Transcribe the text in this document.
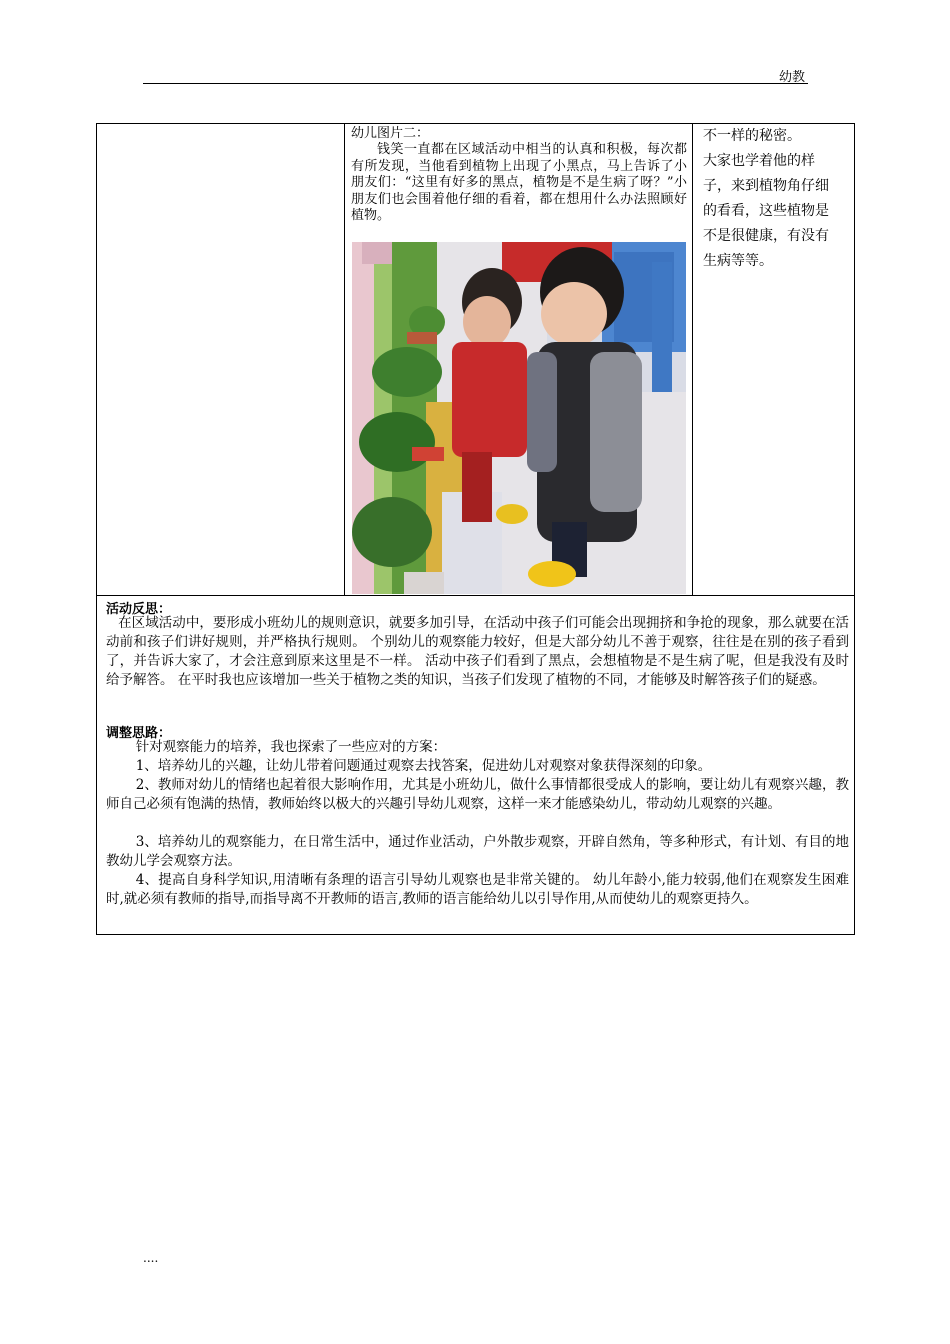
幼教
幼儿图片二：

钱笑一直都在区域活动中相当的认真和积极，每次都有所发现，当他看到植物上出现了小黑点，马上告诉了小朋友们：“这里有好多的黑点，植物是不是生病了呀？”小朋友们也会围着他仔细的看着，都在想用什么办法照顾好植物。

不一样的秘密。
大家也学着他的样
子，来到植物角仔细
的看看，这些植物是
不是很健康，有没有
生病等等。

活动反思：

在区域活动中，要形成小班幼儿的规则意识，就要多加引导，在活动中孩子们可能会出现拥挤和争抢的现象，那么就要在活动前和孩子们讲好规则，并严格执行规则。 个别幼儿的观察能力较好，但是大部分幼儿不善于观察，往往是在别的孩子看到了，并告诉大家了，才会注意到原来这里是不一样。 活动中孩子们看到了黑点，会想植物是不是生病了呢，但是我没有及时给予解答。 在平时我也应该增加一些关于植物之类的知识，当孩子们发现了植物的不同，才能够及时解答孩子们的疑惑。

调整思路：

针对观察能力的培养，我也探索了一些应对的方案：

1、培养幼儿的兴趣，让幼儿带着问题通过观察去找答案，促进幼儿对观察对象获得深刻的印象。

2、教师对幼儿的情绪也起着很大影响作用，尤其是小班幼儿，做什么事情都很受成人的影响，要让幼儿有观察兴趣，教师自己必须有饱满的热情，教师始终以极大的兴趣引导幼儿观察，这样一来才能感染幼儿，带动幼儿观察的兴趣。

3、培养幼儿的观察能力，在日常生活中，通过作业活动，户外散步观察，开辟自然角，等多种形式，有计划、有目的地教幼儿学会观察方法。

4、提高自身科学知识,用清晰有条理的语言引导幼儿观察也是非常关键的。 幼儿年龄小,能力较弱,他们在观察发生困难时,就必须有教师的指导,而指导离不开教师的语言,教师的语言能给幼儿以引导作用,从而使幼儿的观察更持久。

....
